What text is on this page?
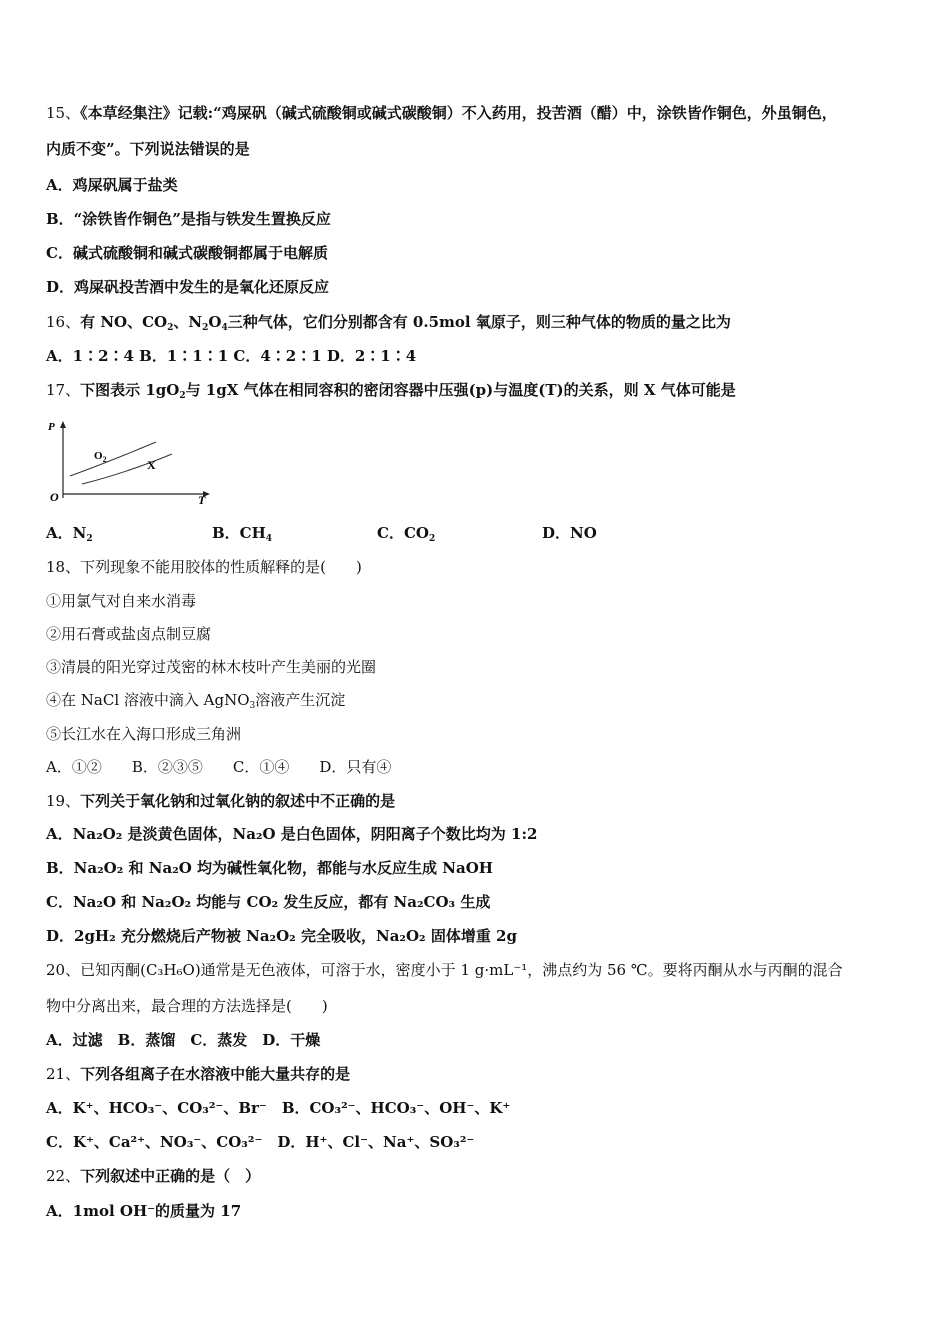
15、《本草经集注》记载:“鸡屎矾（碱式硫酸铜或碱式碳酸铜）不入药用，投苦酒（醋）中，涂铁皆作铜色，外虽铜色，
内质不变”。下列说法错误的是
A．鸡屎矾属于盐类
B．“涂铁皆作铜色”是指与铁发生置换反应
C．碱式硫酸铜和碱式碳酸铜都属于电解质
D．鸡屎矾投苦酒中发生的是氧化还原反应
16、有 NO、$CO_2$、$N_2O_4$三种气体，它们分别都含有 0.5mol 氧原子，则三种气体的物质的量之比为
A．1∶2∶4 B．1∶1∶1 C．4∶2∶1 D．2∶1∶4
17、下图表示 $1gO_2$与 1gX 气体在相同容积的密闭容器中压强(p)与温度(T)的关系，则 X 气体可能是
P
T
O
$O_2$	X
A．$N_2$	B．$CH_4$	C．$CO_2$	D．NO
18、下列现象不能用胶体的性质解释的是(　　)
①用氯气对自来水消毒
②用石膏或盐卤点制豆腐
③清晨的阳光穿过茂密的林木枝叶产生美丽的光圈
④在 NaCl 溶液中滴入 AgNO$_3$溶液产生沉淀
⑤长江水在入海口形成三角洲
A．①②　　B．②③⑤　　C．①④　　D．只有④
19、下列关于氧化钠和过氧化钠的叙述中不正确的是
A．Na₂O₂ 是淡黄色固体，Na₂O 是白色固体，阴阳离子个数比均为 1:2
B．Na₂O₂ 和 Na₂O 均为碱性氧化物，都能与水反应生成 NaOH
C．Na₂O 和 Na₂O₂ 均能与 CO₂ 发生反应，都有 Na₂CO₃ 生成
D．2gH₂ 充分燃烧后产物被 Na₂O₂ 完全吸收，Na₂O₂ 固体增重 2g
20、已知丙酮(C₃H₆O)通常是无色液体，可溶于水，密度小于 1 g·mL⁻¹，沸点约为 56 ℃。要将丙酮从水与丙酮的混合
物中分离出来，最合理的方法选择是(　　)
A．过滤　B．蒸馏　C．蒸发　D．干燥
21、下列各组离子在水溶液中能大量共存的是
A．K⁺、HCO₃⁻、CO₃²⁻、Br⁻　B．CO₃²⁻、HCO₃⁻、OH⁻、K⁺
C．K⁺、Ca²⁺、NO₃⁻、CO₃²⁻　D．H⁺、Cl⁻、Na⁺、SO₃²⁻
22、下列叙述中正确的是（　）
A．1mol OH⁻的质量为 17
